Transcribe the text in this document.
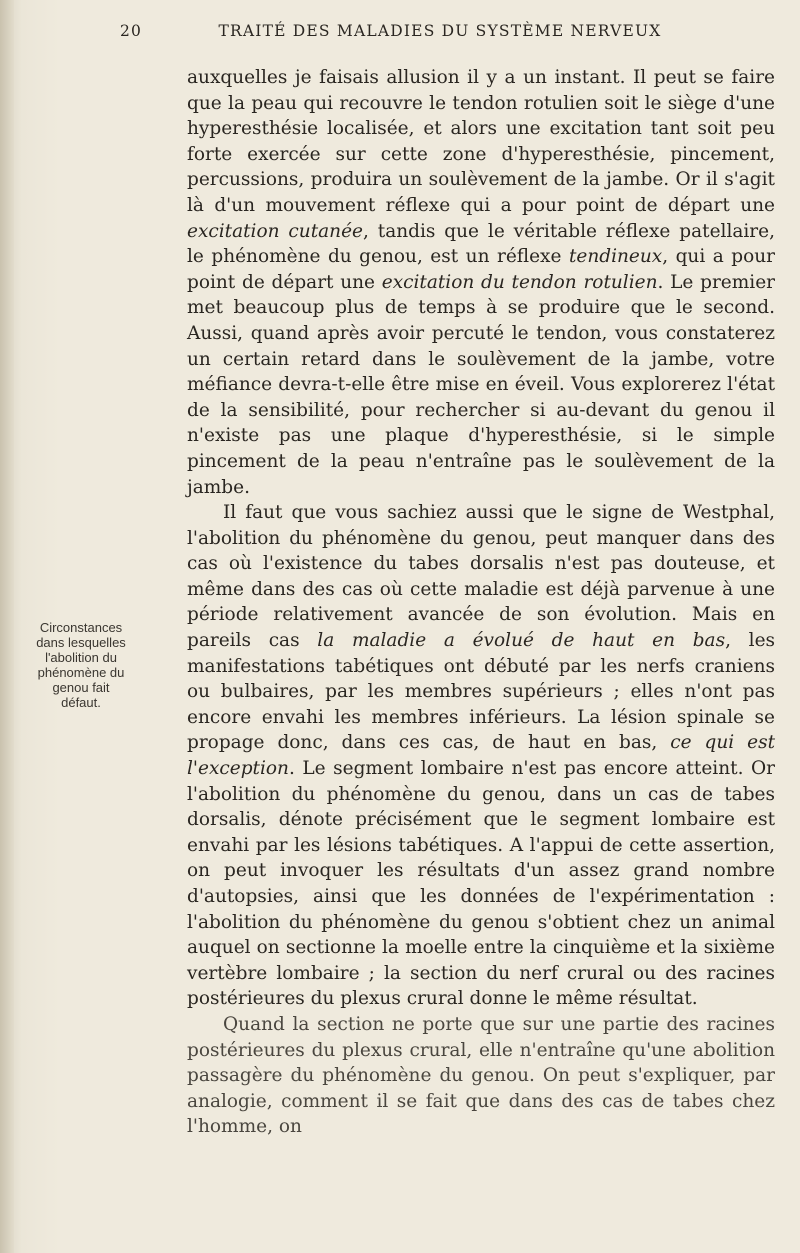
20	TRAITÉ DES MALADIES DU SYSTÈME NERVEUX
Circonstances
dans lesquelles
l'abolition du
phénomène du
genou fait
défaut.

auxquelles je faisais allusion il y a un instant. Il peut se faire que la peau qui recouvre le tendon rotulien soit le siège d'une hyperesthésie localisée, et alors une excitation tant soit peu forte exercée sur cette zone d'hyperesthésie, pincement, percussions, produira un soulèvement de la jambe. Or il s'agit là d'un mouvement réflexe qui a pour point de départ une excitation cutanée, tandis que le véritable réflexe patellaire, le phénomène du genou, est un réflexe tendineux, qui a pour point de départ une excitation du tendon rotulien. Le premier met beaucoup plus de temps à se produire que le second. Aussi, quand après avoir percuté le tendon, vous constaterez un certain retard dans le soulèvement de la jambe, votre méfiance devra-t-elle être mise en éveil. Vous explorerez l'état de la sensibilité, pour rechercher si au-devant du genou il n'existe pas une plaque d'hyperesthésie, si le simple pincement de la peau n'entraîne pas le soulèvement de la jambe.

Il faut que vous sachiez aussi que le signe de Westphal, l'abolition du phénomène du genou, peut manquer dans des cas où l'existence du tabes dorsalis n'est pas douteuse, et même dans des cas où cette maladie est déjà parvenue à une période relativement avancée de son évolution. Mais en pareils cas la maladie a évolué de haut en bas, les manifestations tabétiques ont débuté par les nerfs craniens ou bulbaires, par les membres supérieurs ; elles n'ont pas encore envahi les membres inférieurs. La lésion spinale se propage donc, dans ces cas, de haut en bas, ce qui est l'exception. Le segment lombaire n'est pas encore atteint. Or l'abolition du phénomène du genou, dans un cas de tabes dorsalis, dénote précisément que le segment lombaire est envahi par les lésions tabétiques. A l'appui de cette assertion, on peut invoquer les résultats d'un assez grand nombre d'autopsies, ainsi que les données de l'expérimentation : l'abolition du phénomène du genou s'obtient chez un animal auquel on sectionne la moelle entre la cinquième et la sixième vertèbre lombaire ; la section du nerf crural ou des racines postérieures du plexus crural donne le même résultat.

Quand la section ne porte que sur une partie des racines postérieures du plexus crural, elle n'entraîne qu'une abolition passagère du phénomène du genou. On peut s'expliquer, par analogie, comment il se fait que dans des cas de tabes chez l'homme, on
